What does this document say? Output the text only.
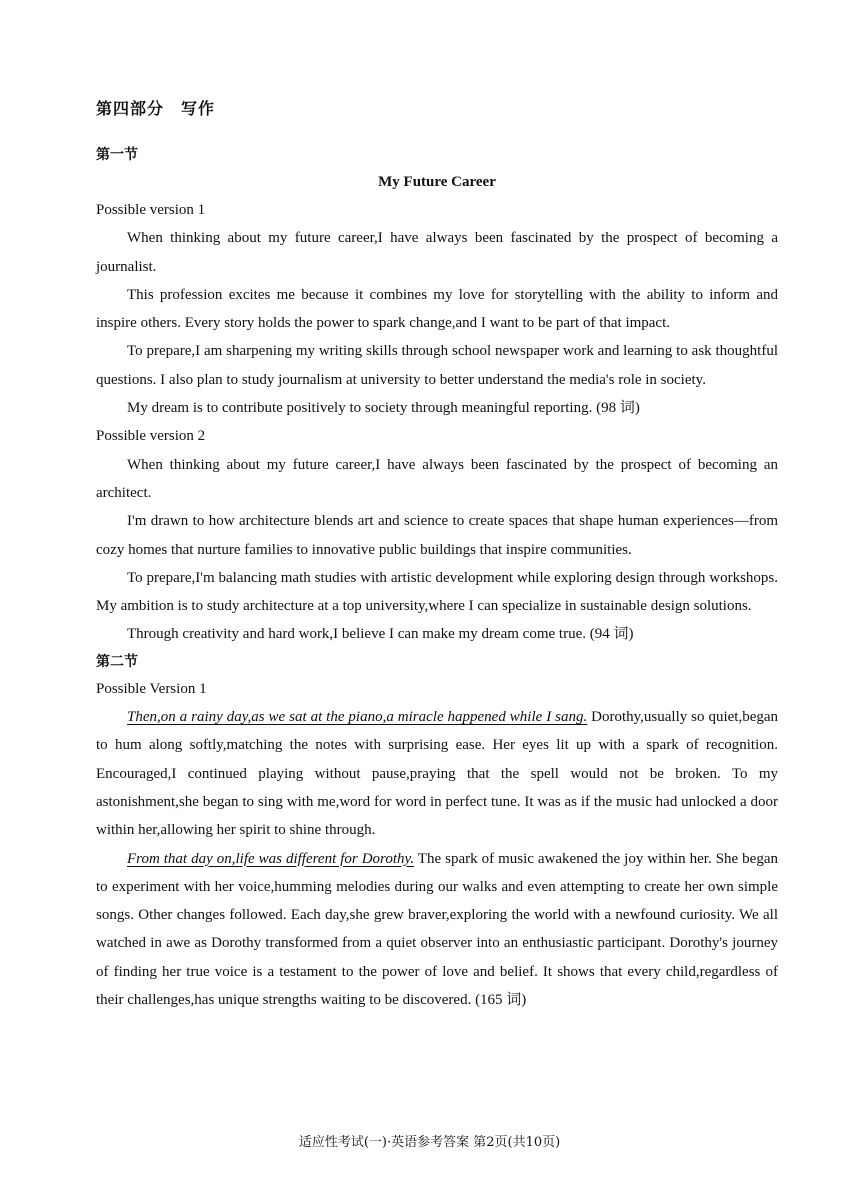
第四部分　写作
第一节
My Future Career
Possible version 1

When thinking about my future career,I have always been fascinated by the prospect of becoming a journalist.

This profession excites me because it combines my love for storytelling with the ability to inform and inspire others. Every story holds the power to spark change,and I want to be part of that impact.

To prepare,I am sharpening my writing skills through school newspaper work and learning to ask thoughtful questions. I also plan to study journalism at university to better understand the media's role in society.

My dream is to contribute positively to society through meaningful reporting. (98 词)

Possible version 2

When thinking about my future career,I have always been fascinated by the prospect of becoming an architect.

I'm drawn to how architecture blends art and science to create spaces that shape human experiences—from cozy homes that nurture families to innovative public buildings that inspire communities.

To prepare,I'm balancing math studies with artistic development while exploring design through workshops. My ambition is to study architecture at a top university,where I can specialize in sustainable design solutions.

Through creativity and hard work,I believe I can make my dream come true. (94 词)

第二节
Possible Version 1

Then,on a rainy day,as we sat at the piano,a miracle happened while I sang. Dorothy,usually so quiet,began to hum along softly,matching the notes with surprising ease. Her eyes lit up with a spark of recognition. Encouraged,I continued playing without pause,praying that the spell would not be broken. To my astonishment,she began to sing with me,word for word in perfect tune. It was as if the music had unlocked a door within her,allowing her spirit to shine through.

From that day on,life was different for Dorothy. The spark of music awakened the joy within her. She began to experiment with her voice,humming melodies during our walks and even attempting to create her own simple songs. Other changes followed. Each day,she grew braver,exploring the world with a newfound curiosity. We all watched in awe as Dorothy transformed from a quiet observer into an enthusiastic participant. Dorothy's journey of finding her true voice is a testament to the power of love and belief. It shows that every child,regardless of their challenges,has unique strengths waiting to be discovered. (165 词)

适应性考试(一)·英语参考答案 第2页(共10页)
